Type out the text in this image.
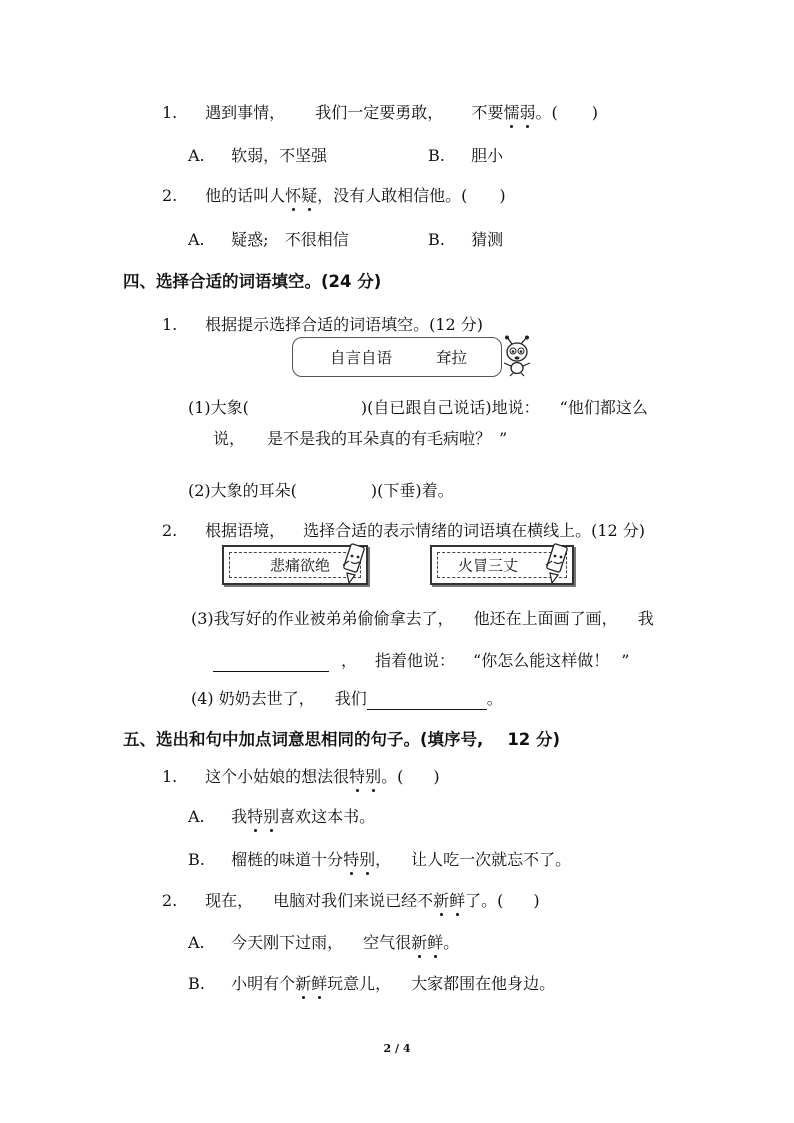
1. 遇到事情， 我们一定要勇敢， 不要懦弱。( )
A. 软弱，不坚强	B. 胆小
2. 他的话叫人怀疑，没有人敢相信他。( )
A. 疑惑; 不很相信	B. 猜测
四、选择合适的词语填空。(24 分)
1. 根据提示选择合适的词语填空。(12 分)
自言自语	耷拉
(1)大象(	)(自已跟自己说话)地说： “他们都这么
说， 是不是我的耳朵真的有毛病啦？ ”
(2)大象的耳朵(	)(下垂)着。
2. 根据语境， 选择合适的表示情绪的词语填在横线上。(12 分)
悲痛欲绝	火冒三丈
(3)我写好的作业被弟弟偷偷拿去了， 他还在上面画了画， 我
， 指着他说： “你怎么能这样做！ ”
(4) 奶奶去世了， 我们	。
五、选出和句中加点词意思相同的句子。(填序号, 12 分)
1. 这个小姑娘的想法很特别。( )
A. 我特别喜欢这本书。
B. 榴梿的味道十分特别， 让人吃一次就忘不了。
2. 现在， 电脑对我们来说已经不新鲜了。( )
A. 今天刚下过雨， 空气很新鲜。
B. 小明有个新鲜玩意儿， 大家都围在他身边。
2 / 4
